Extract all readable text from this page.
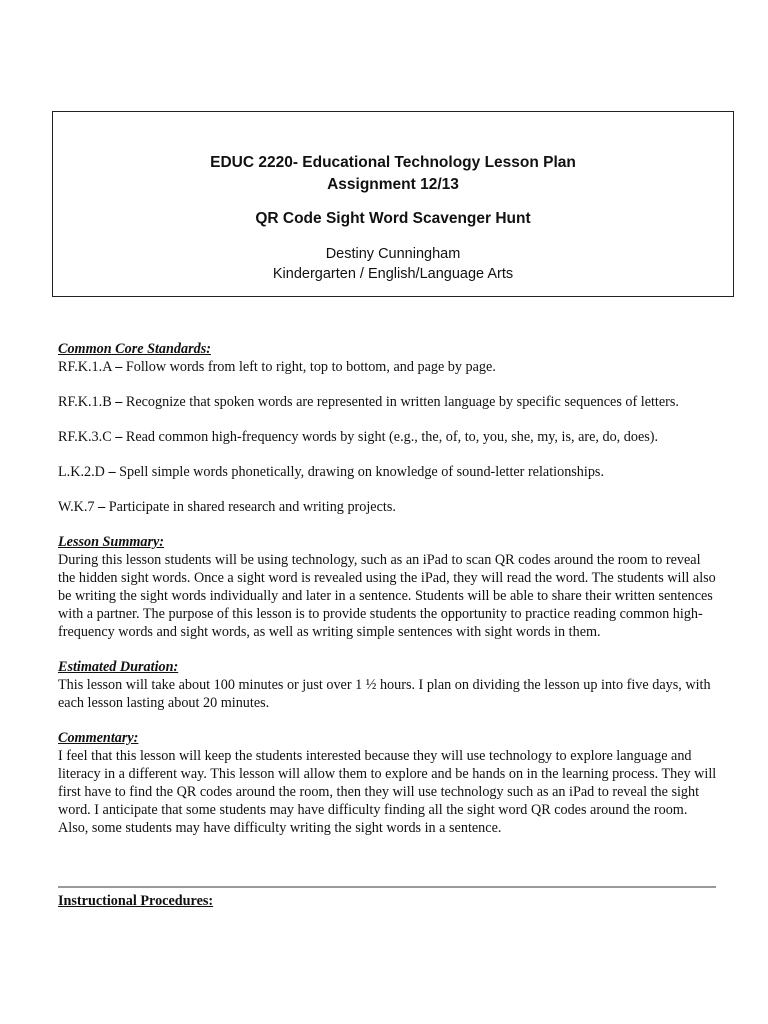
EDUC 2220- Educational Technology Lesson Plan
Assignment 12/13
QR Code Sight Word Scavenger Hunt
Destiny Cunningham
Kindergarten / English/Language Arts
Common Core Standards:

RF.K.1.A – Follow words from left to right, top to bottom, and page by page.

RF.K.1.B – Recognize that spoken words are represented in written language by specific sequences of letters.

RF.K.3.C – Read common high-frequency words by sight (e.g., the, of, to, you, she, my, is, are, do, does).

L.K.2.D – Spell simple words phonetically, drawing on knowledge of sound-letter relationships.

W.K.7 – Participate in shared research and writing projects.

Lesson Summary:

During this lesson students will be using technology, such as an iPad to scan QR codes around the room to reveal the hidden sight words. Once a sight word is revealed using the iPad, they will read the word. The students will also be writing the sight words individually and later in a sentence. Students will be able to share their written sentences with a partner. The purpose of this lesson is to provide students the opportunity to practice reading common high-frequency words and sight words, as well as writing simple sentences with sight words in them.

Estimated Duration:

This lesson will take about 100 minutes or just over 1 ½ hours. I plan on dividing the lesson up into five days, with each lesson lasting about 20 minutes.

Commentary:

I feel that this lesson will keep the students interested because they will use technology to explore language and literacy in a different way. This lesson will allow them to explore and be hands on in the learning process. They will first have to find the QR codes around the room, then they will use technology such as an iPad to reveal the sight word. I anticipate that some students may have difficulty finding all the sight word QR codes around the room. Also, some students may have difficulty writing the sight words in a sentence.

Instructional Procedures:
